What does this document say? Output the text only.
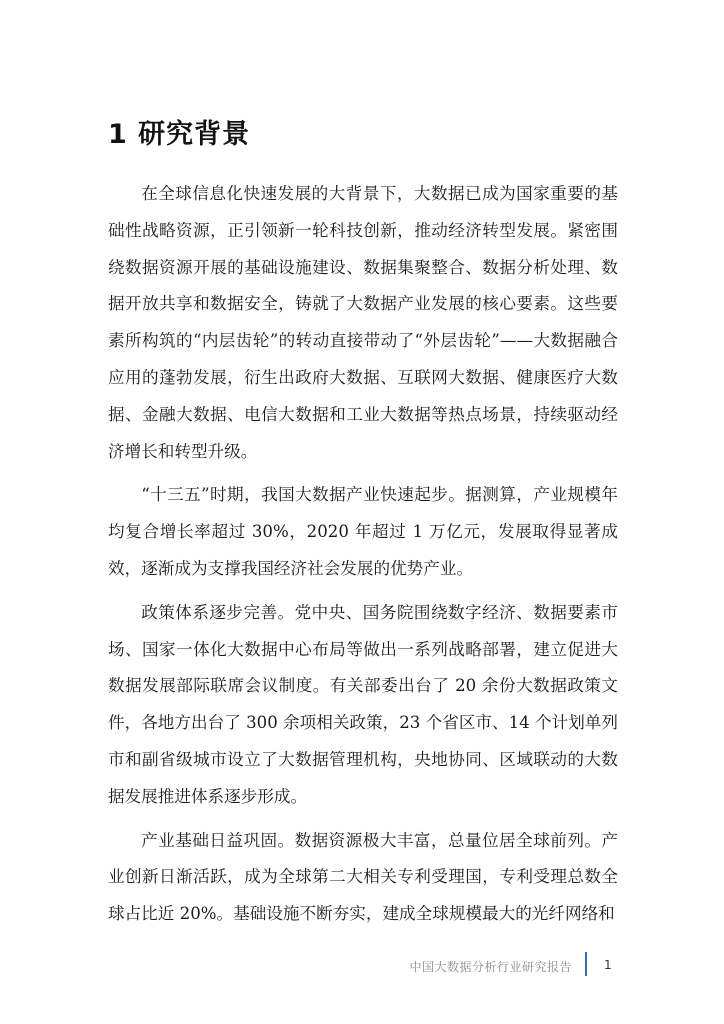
1 研究背景

在全球信息化快速发展的大背景下，大数据已成为国家重要的基础性战略资源，正引领新一轮科技创新，推动经济转型发展。紧密围绕数据资源开展的基础设施建设、数据集聚整合、数据分析处理、数据开放共享和数据安全，铸就了大数据产业发展的核心要素。这些要素所构筑的“内层齿轮”的转动直接带动了“外层齿轮”——大数据融合应用的蓬勃发展，衍生出政府大数据、互联网大数据、健康医疗大数据、金融大数据、电信大数据和工业大数据等热点场景，持续驱动经济增长和转型升级。

“十三五”时期，我国大数据产业快速起步。据测算，产业规模年均复合增长率超过 30%，2020 年超过 1 万亿元，发展取得显著成效，逐渐成为支撑我国经济社会发展的优势产业。

政策体系逐步完善。党中央、国务院围绕数字经济、数据要素市场、国家一体化大数据中心布局等做出一系列战略部署，建立促进大数据发展部际联席会议制度。有关部委出台了 20 余份大数据政策文件，各地方出台了 300 余项相关政策，23 个省区市、14 个计划单列市和副省级城市设立了大数据管理机构，央地协同、区域联动的大数据发展推进体系逐步形成。

产业基础日益巩固。数据资源极大丰富，总量位居全球前列。产业创新日渐活跃，成为全球第二大相关专利受理国，专利受理总数全球占比近 20%。基础设施不断夯实，建成全球规模最大的光纤网络和

中国大数据分析行业研究报告	1
